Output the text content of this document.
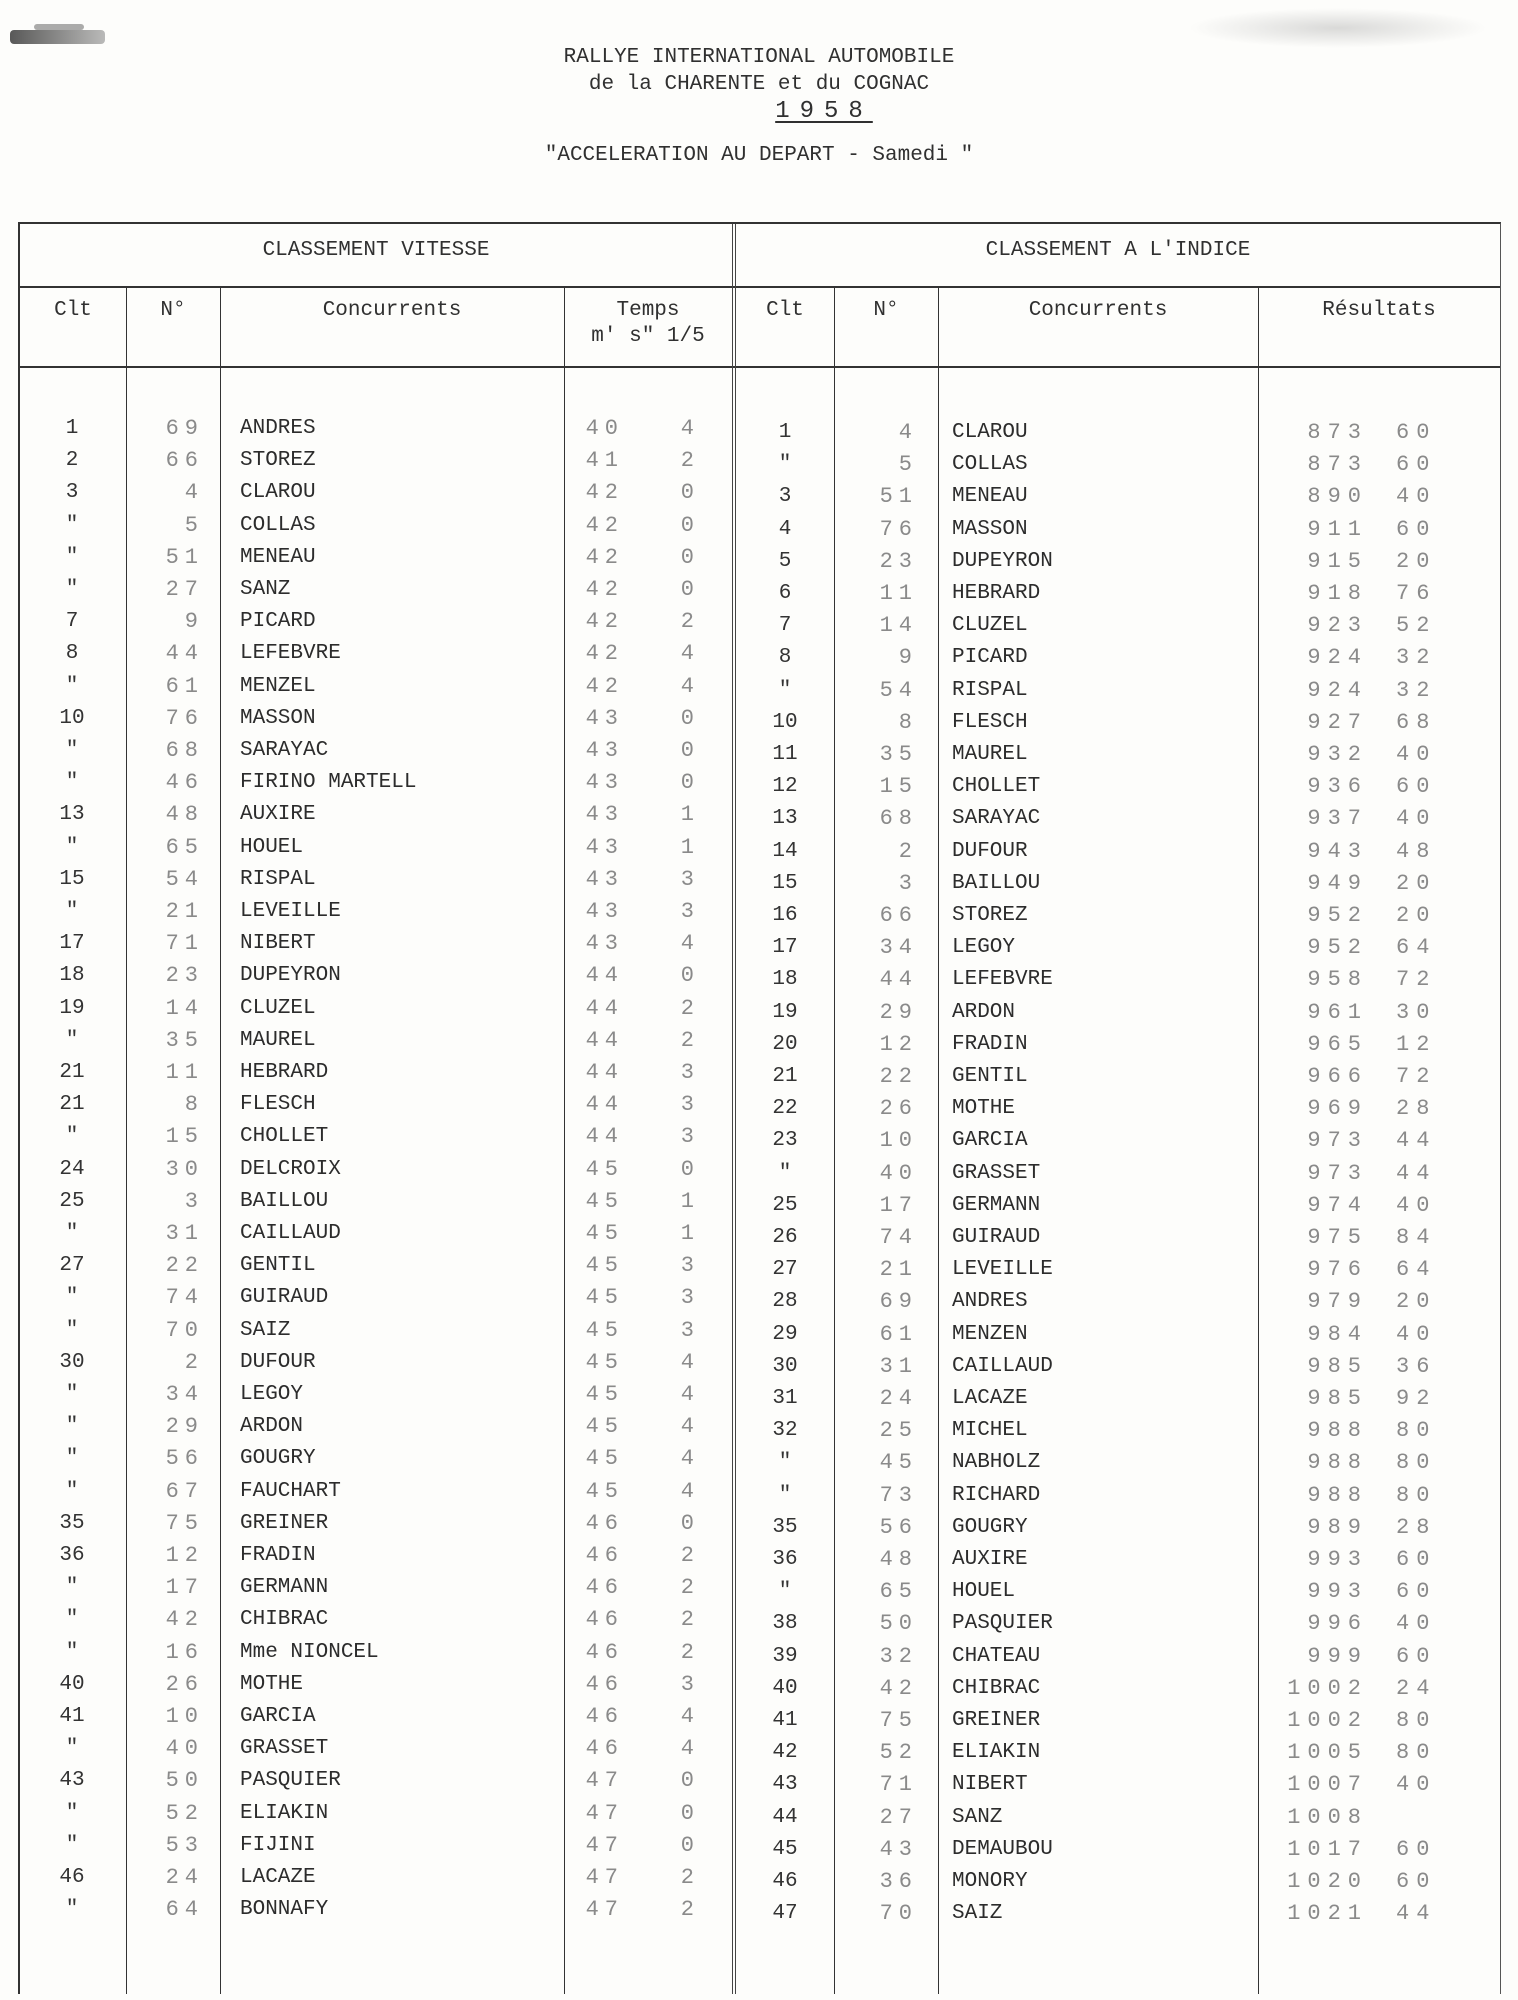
RALLYE INTERNATIONAL AUTOMOBILE
de la CHARENTE et du COGNAC
1958
"ACCELERATION AU DEPART - Samedi "
CLASSEMENT VITESSE	CLASSEMENT A L'INDICE
Clt	N°	Concurrents	Temps
m' s" 1/5
Clt	N°	Concurrents	Résultats
1	69 ANDRES	40	4
2	66 STOREZ	41	2
3	4 CLAROU	42	0
"	5 COLLAS	42	0
"	51 MENEAU	42	0
"	27 SANZ	42	0
7	9 PICARD	42	2
8	44 LEFEBVRE	42	4
"	61 MENZEL	42	4
10	76 MASSON	43	0
"	68 SARAYAC	43	0
"	46 FIRINO MARTELL	43	0
13	48 AUXIRE	43	1
"	65 HOUEL	43	1
15	54 RISPAL	43	3
"	21 LEVEILLE	43	3
17	71 NIBERT	43	4
18	23 DUPEYRON	44	0
19	14 CLUZEL	44	2
"	35 MAUREL	44	2
21	11 HEBRARD	44	3
21	8 FLESCH	44	3
"	15 CHOLLET	44	3
24	30 DELCROIX	45	0
25	3 BAILLOU	45	1
"	31 CAILLAUD	45	1
27	22 GENTIL	45	3
"	74 GUIRAUD	45	3
"	70 SAIZ	45	3
30	2 DUFOUR	45	4
"	34 LEGOY	45	4
"	29 ARDON	45	4
"	56 GOUGRY	45	4
"	67 FAUCHART	45	4
35	75 GREINER	46	0
36	12 FRADIN	46	2
"	17 GERMANN	46	2
"	42 CHIBRAC	46	2
"	16 Mme NIONCEL	46	2
40	26 MOTHE	46	3
41	10 GARCIA	46	4
"	40 GRASSET	46	4
43	50 PASQUIER	47	0
"	52 ELIAKIN	47	0
"	53 FIJINI	47	0
46	24 LACAZE	47	2
"	64 BONNAFY	47	2
1	4 CLAROU	873 60
"	5 COLLAS	873 60
3	51 MENEAU	890 40
4	76 MASSON	911 60
5	23 DUPEYRON	915 20
6	11 HEBRARD	918 76
7	14 CLUZEL	923 52
8	9 PICARD	924 32
"	54 RISPAL	924 32
10	8 FLESCH	927 68
11	35 MAUREL	932 40
12	15 CHOLLET	936 60
13	68 SARAYAC	937 40
14	2 DUFOUR	943 48
15	3 BAILLOU	949 20
16	66 STOREZ	952 20
17	34 LEGOY	952 64
18	44 LEFEBVRE	958 72
19	29 ARDON	961 30
20	12 FRADIN	965 12
21	22 GENTIL	966 72
22	26 MOTHE	969 28
23	10 GARCIA	973 44
"	40 GRASSET	973 44
25	17 GERMANN	974 40
26	74 GUIRAUD	975 84
27	21 LEVEILLE	976 64
28	69 ANDRES	979 20
29	61 MENZEN	984 40
30	31 CAILLAUD	985 36
31	24 LACAZE	985 92
32	25 MICHEL	988 80
"	45 NABHOLZ	988 80
"	73 RICHARD	988 80
35	56 GOUGRY	989 28
36	48 AUXIRE	993 60
"	65 HOUEL	993 60
38	50 PASQUIER	996 40
39	32 CHATEAU	999 60
40	42 CHIBRAC	1002 24
41	75 GREINER	1002 80
42	52 ELIAKIN	1005 80
43	71 NIBERT	1007 40
44	27 SANZ	1008
45	43 DEMAUBOU	1017 60
46	36 MONORY	1020 60
47	70 SAIZ	1021 44
